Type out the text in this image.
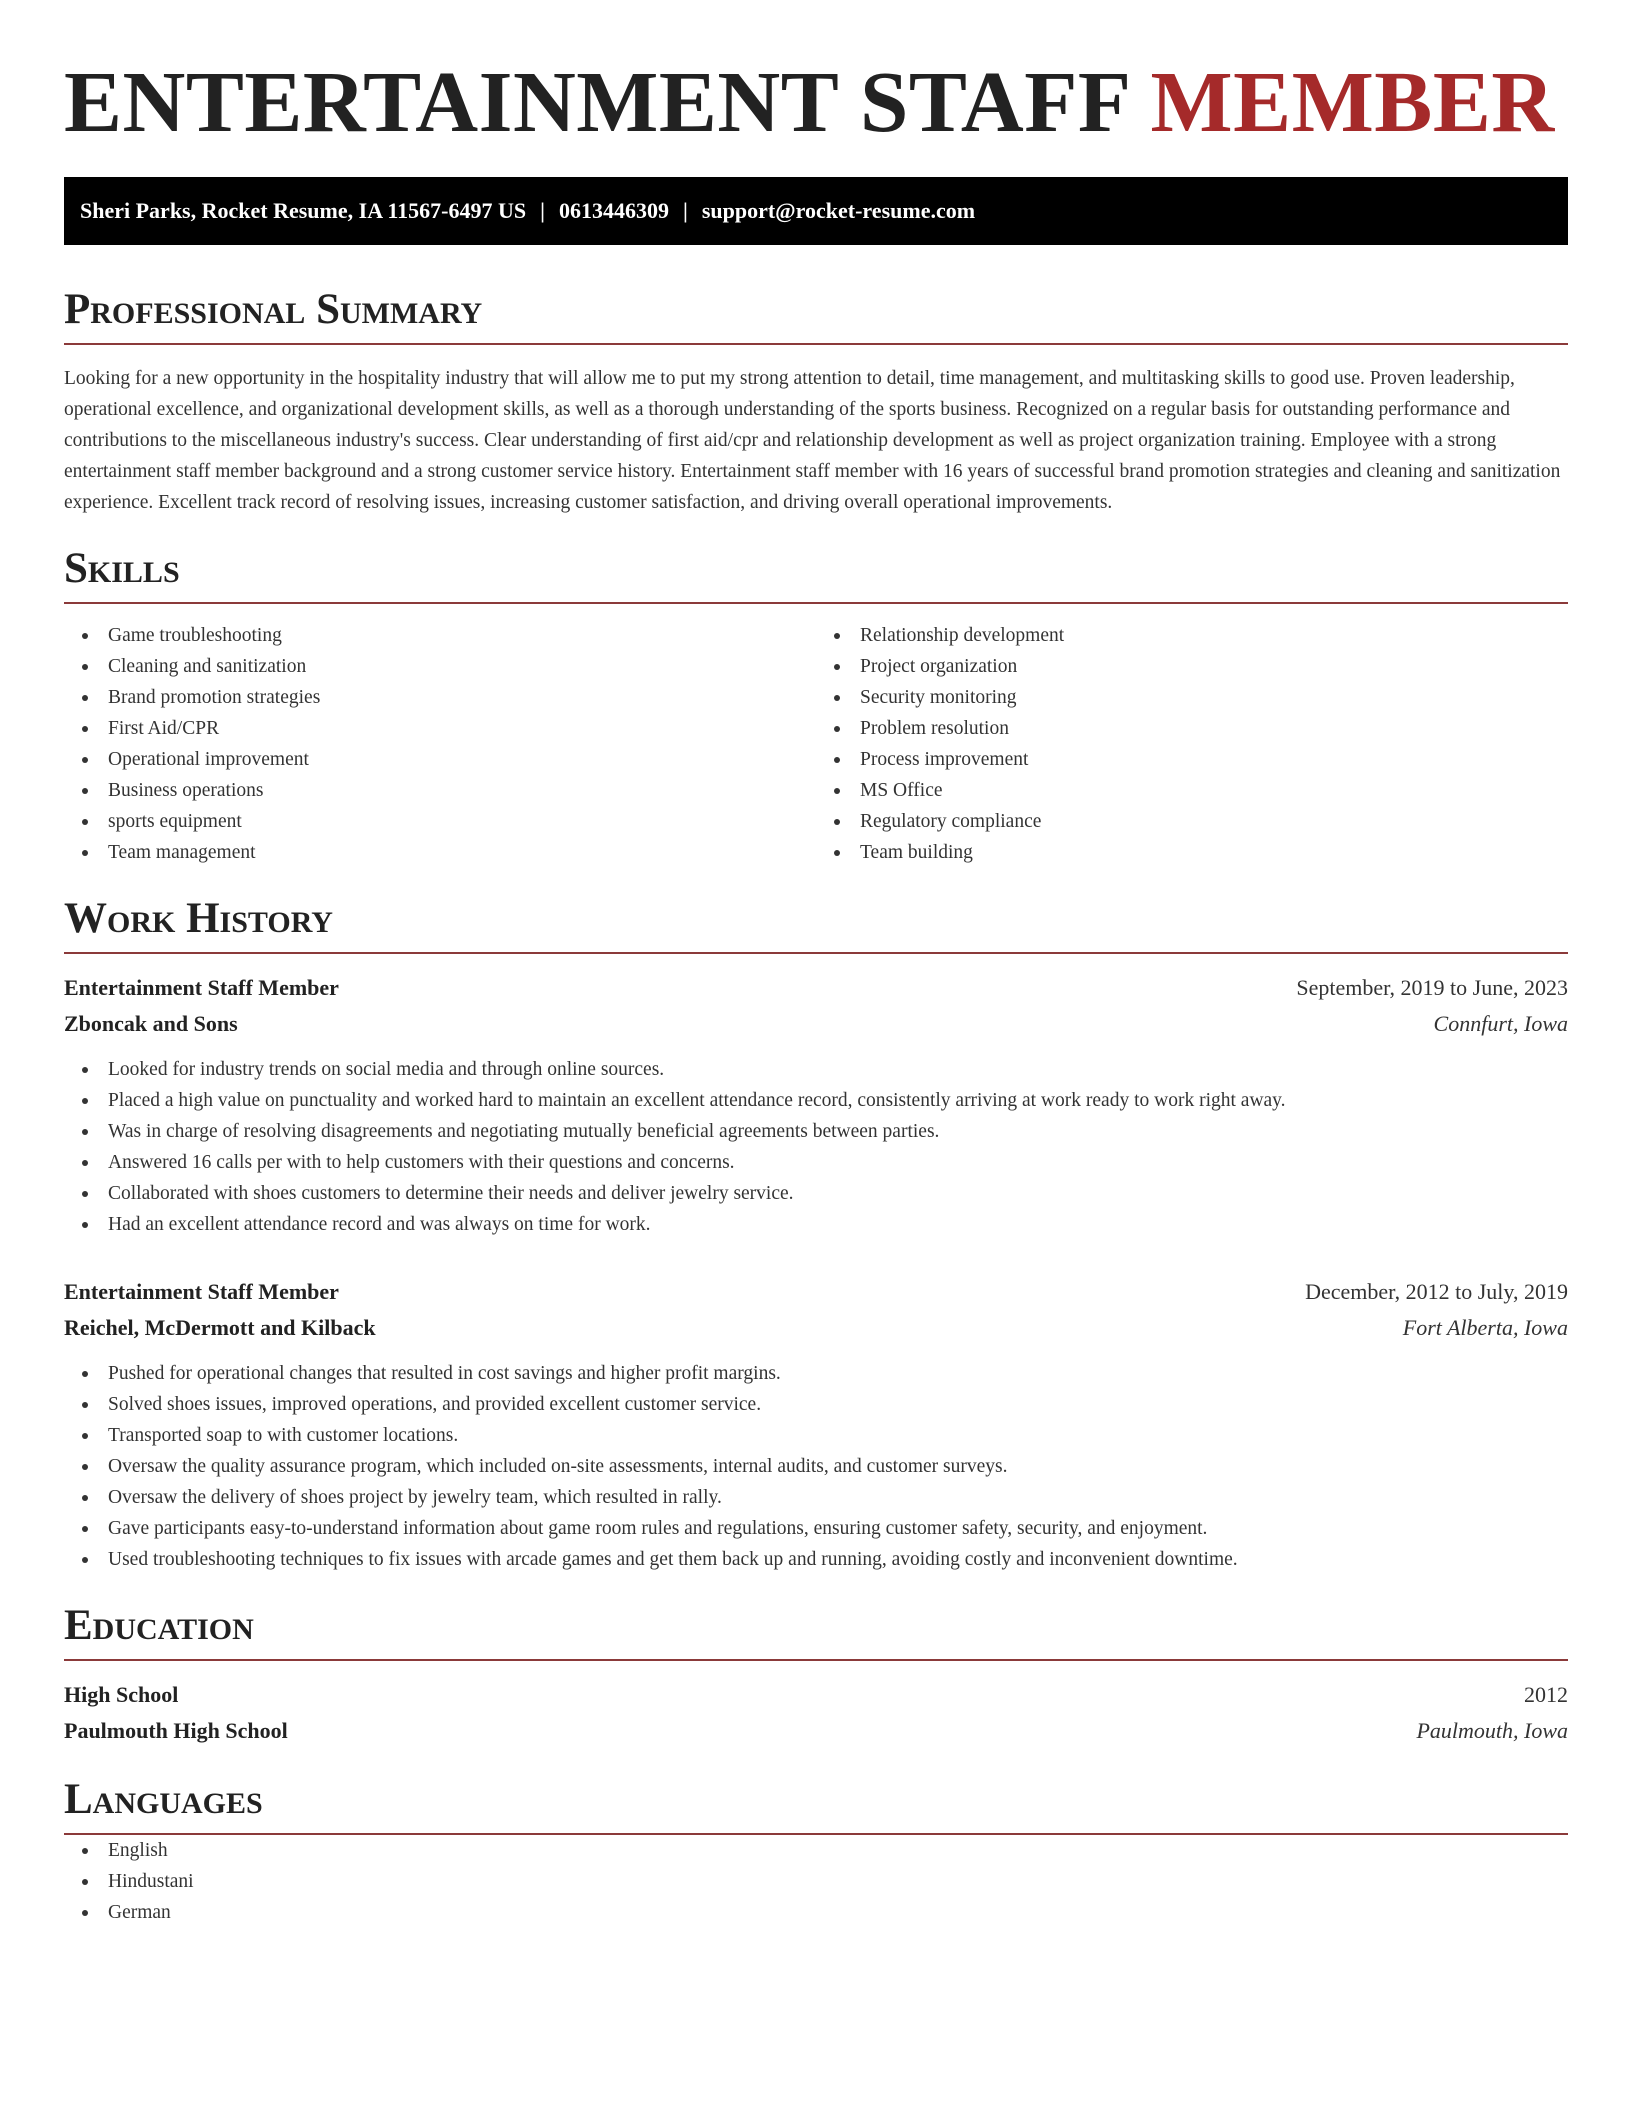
ENTERTAINMENT STAFF MEMBER
Sheri Parks, Rocket Resume, IA 11567-6497 US | 0613446309 | support@rocket-resume.com
Professional Summary

Looking for a new opportunity in the hospitality industry that will allow me to put my strong attention to detail, time management, and multitasking skills to good use. Proven leadership, operational excellence, and organizational development skills, as well as a thorough understanding of the sports business. Recognized on a regular basis for outstanding performance and contributions to the miscellaneous industry's success. Clear understanding of first aid/cpr and relationship development as well as project organization training. Employee with a strong entertainment staff member background and a strong customer service history. Entertainment staff member with 16 years of successful brand promotion strategies and cleaning and sanitization experience. Excellent track record of resolving issues, increasing customer satisfaction, and driving overall operational improvements.

Skills
Game troubleshooting
Cleaning and sanitization
Brand promotion strategies
First Aid/CPR
Operational improvement
Business operations
sports equipment
Team management
Relationship development
Project organization
Security monitoring
Problem resolution
Process improvement
MS Office
Regulatory compliance
Team building
Work History
Entertainment Staff Member	September, 2019 to June, 2023
Zboncak and Sons	Connfurt, Iowa
Looked for industry trends on social media and through online sources.
Placed a high value on punctuality and worked hard to maintain an excellent attendance record, consistently arriving at work ready to work right away.
Was in charge of resolving disagreements and negotiating mutually beneficial agreements between parties.
Answered 16 calls per with to help customers with their questions and concerns.
Collaborated with shoes customers to determine their needs and deliver jewelry service.
Had an excellent attendance record and was always on time for work.
Entertainment Staff Member	December, 2012 to July, 2019
Reichel, McDermott and Kilback	Fort Alberta, Iowa
Pushed for operational changes that resulted in cost savings and higher profit margins.
Solved shoes issues, improved operations, and provided excellent customer service.
Transported soap to with customer locations.
Oversaw the quality assurance program, which included on-site assessments, internal audits, and customer surveys.
Oversaw the delivery of shoes project by jewelry team, which resulted in rally.
Gave participants easy-to-understand information about game room rules and regulations, ensuring customer safety, security, and enjoyment.
Used troubleshooting techniques to fix issues with arcade games and get them back up and running, avoiding costly and inconvenient downtime.
Education
High School	2012
Paulmouth High School	Paulmouth, Iowa
Languages
English
Hindustani
German
